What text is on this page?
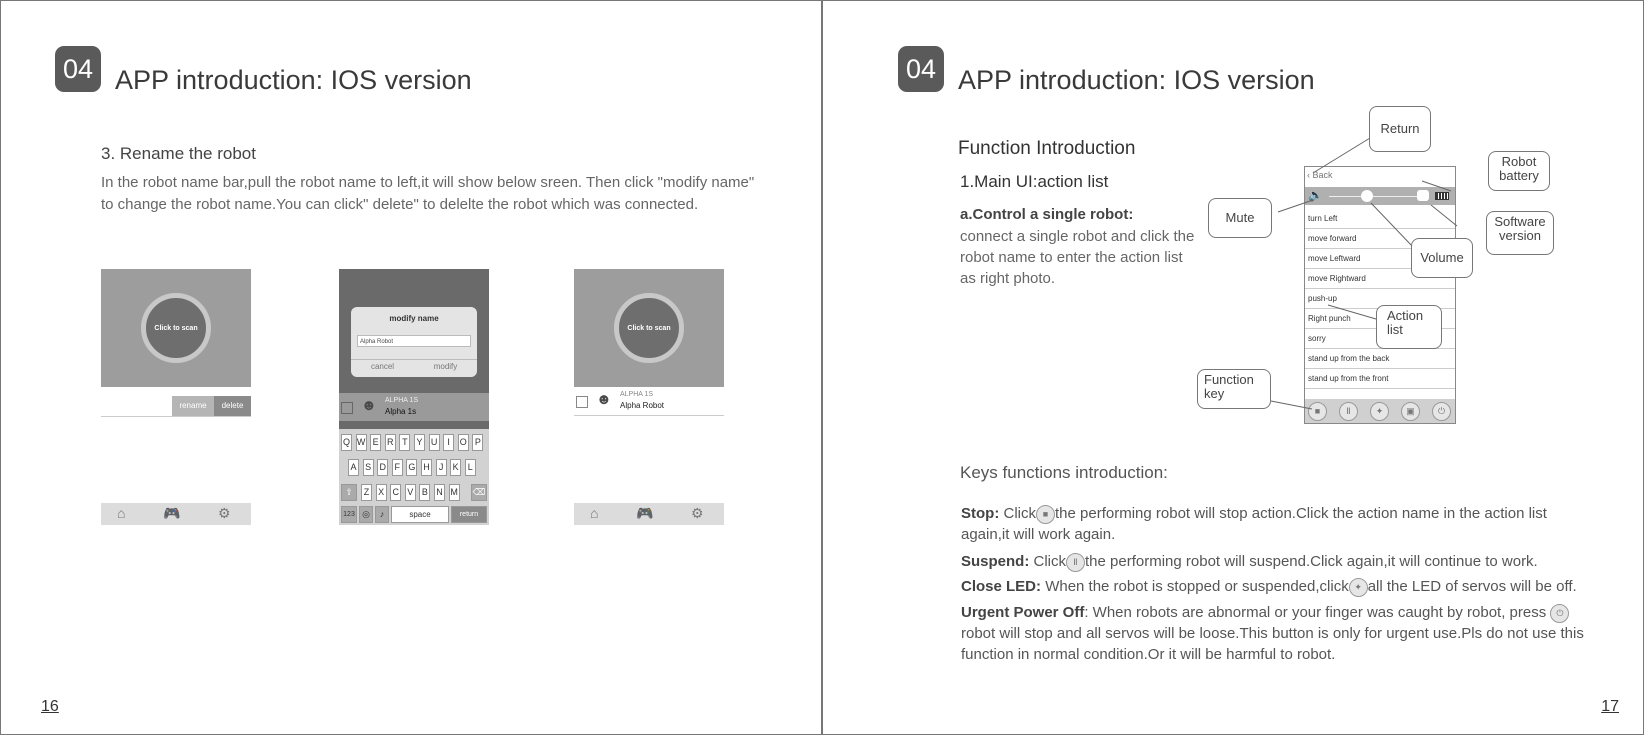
04 APP introduction: IOS version
3. Rename the robot
In the robot name bar,pull the robot name to left,it will show below sreen. Then click "modify name"
to change the robot name.You can click" delete" to delelte the robot which was connected.
Click to scan
rename	delete
⌂	🎮	⚙
modify name
Alpha Robot
cancel	modify
☻ ALPHA 1S
Alpha 1s
Q W E R T Y U	I	O P
A S D F G H	J	K	L
Z X C V B N M
⇧	⌫
123 ◎	♪	space	return
Click to scan
☻ ALPHA 1S
Alpha Robot
⌂	🎮	⚙
16
04 APP introduction: IOS version
Function Introduction
1.Main UI:action list
a.Control a single robot:
connect a single robot and click the
robot name to enter the action list
as right photo.
‹ Back
🔈
turn Left
move forward
move Leftward
move Rightward
push-up
Right punch
sorry
stand up from the back
stand up from the front
■	Ⅱ	✦	▣	⏻
Return
Robot battery
Mute	Software version
Volume
Action list
Function key
Keys functions introduction:
Stop: Click ■ the performing robot will stop action.Click the action name in the action list
again,it will work again.
Suspend: Click Ⅱ the performing robot will suspend.Click again,it will continue to work.
Close LED: When the robot is stopped or suspended,click ✦ all the LED of servos will be off.
Urgent Power Off: When robots are abnormal or your finger was caught by robot, press ⏻
robot will stop and all servos will be loose.This button is only for urgent use.Pls do not use this
function in normal condition.Or it will be harmful to robot.
17
